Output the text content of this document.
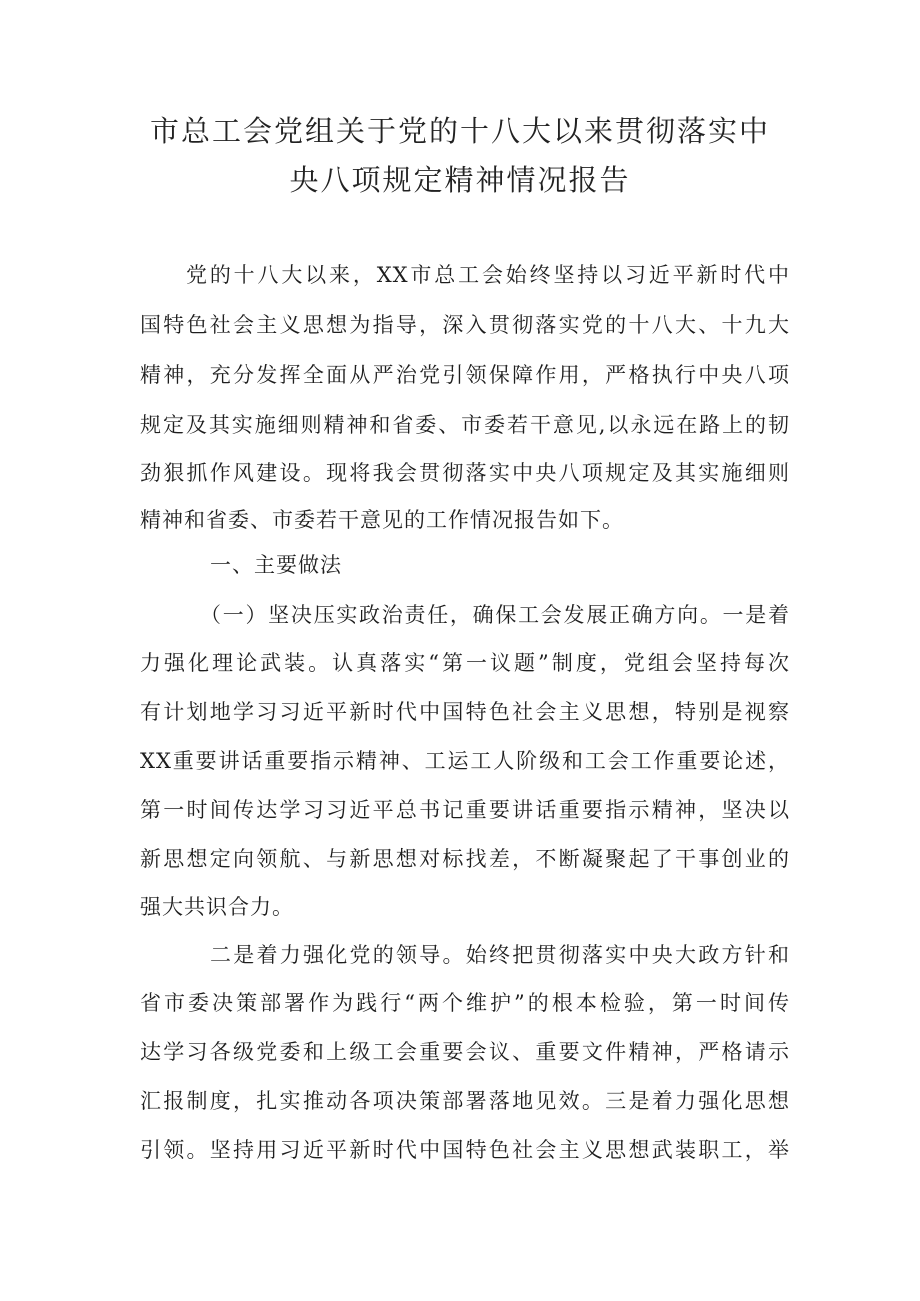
市总工会党组关于党的十八大以来贯彻落实中
央八项规定精神情况报告
党的十八大以来，XX市总工会始终坚持以习近平新时代中
国特色社会主义思想为指导，深入贯彻落实党的十八大、十九大
精神，充分发挥全面从严治党引领保障作用，严格执行中央八项
规定及其实施细则精神和省委、市委若干意见,以永远在路上的韧
劲狠抓作风建设。现将我会贯彻落实中央八项规定及其实施细则
精神和省委、市委若干意见的工作情况报告如下。
一、主要做法
（一）坚决压实政治责任，确保工会发展正确方向。一是着
力强化理论武装。认真落实“第一议题”制度，党组会坚持每次
有计划地学习习近平新时代中国特色社会主义思想，特别是视察
XX重要讲话重要指示精神、工运工人阶级和工会工作重要论述，
第一时间传达学习习近平总书记重要讲话重要指示精神，坚决以
新思想定向领航、与新思想对标找差，不断凝聚起了干事创业的
强大共识合力。
二是着力强化党的领导。始终把贯彻落实中央大政方针和
省市委决策部署作为践行“两个维护”的根本检验，第一时间传
达学习各级党委和上级工会重要会议、重要文件精神，严格请示
汇报制度，扎实推动各项决策部署落地见效。三是着力强化思想
引领。坚持用习近平新时代中国特色社会主义思想武装职工，举
